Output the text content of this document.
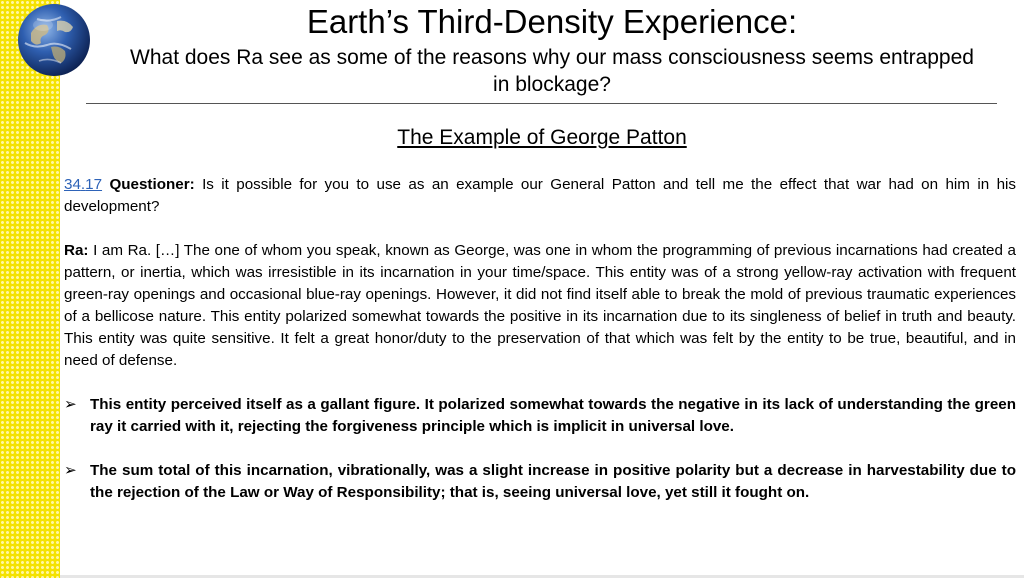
Earth’s Third-Density Experience:
What does Ra see as some of the reasons why our mass consciousness seems entrapped in blockage?
The Example of George Patton

34.17 Questioner: Is it possible for you to use as an example our General Patton and tell me the effect that war had on him in his development?

Ra: I am Ra. […] The one of whom you speak, known as George, was one in whom the programming of previous incarnations had created a pattern, or inertia, which was irresistible in its incarnation in your time/space. This entity was of a strong yellow-ray activation with frequent green-ray openings and occasional blue-ray openings. However, it did not find itself able to break the mold of previous traumatic experiences of a bellicose nature. This entity polarized somewhat towards the positive in its incarnation due to its singleness of belief in truth and beauty. This entity was quite sensitive. It felt a great honor/duty to the preservation of that which was felt by the entity to be true, beautiful, and in need of defense.

➢ This entity perceived itself as a gallant figure. It polarized somewhat towards the negative in its lack of understanding the green ray it carried with it, rejecting the forgiveness principle which is implicit in universal love.
➢ The sum total of this incarnation, vibrationally, was a slight increase in positive polarity but a decrease in harvestability due to the rejection of the Law or Way of Responsibility; that is, seeing universal love, yet still it fought on.
